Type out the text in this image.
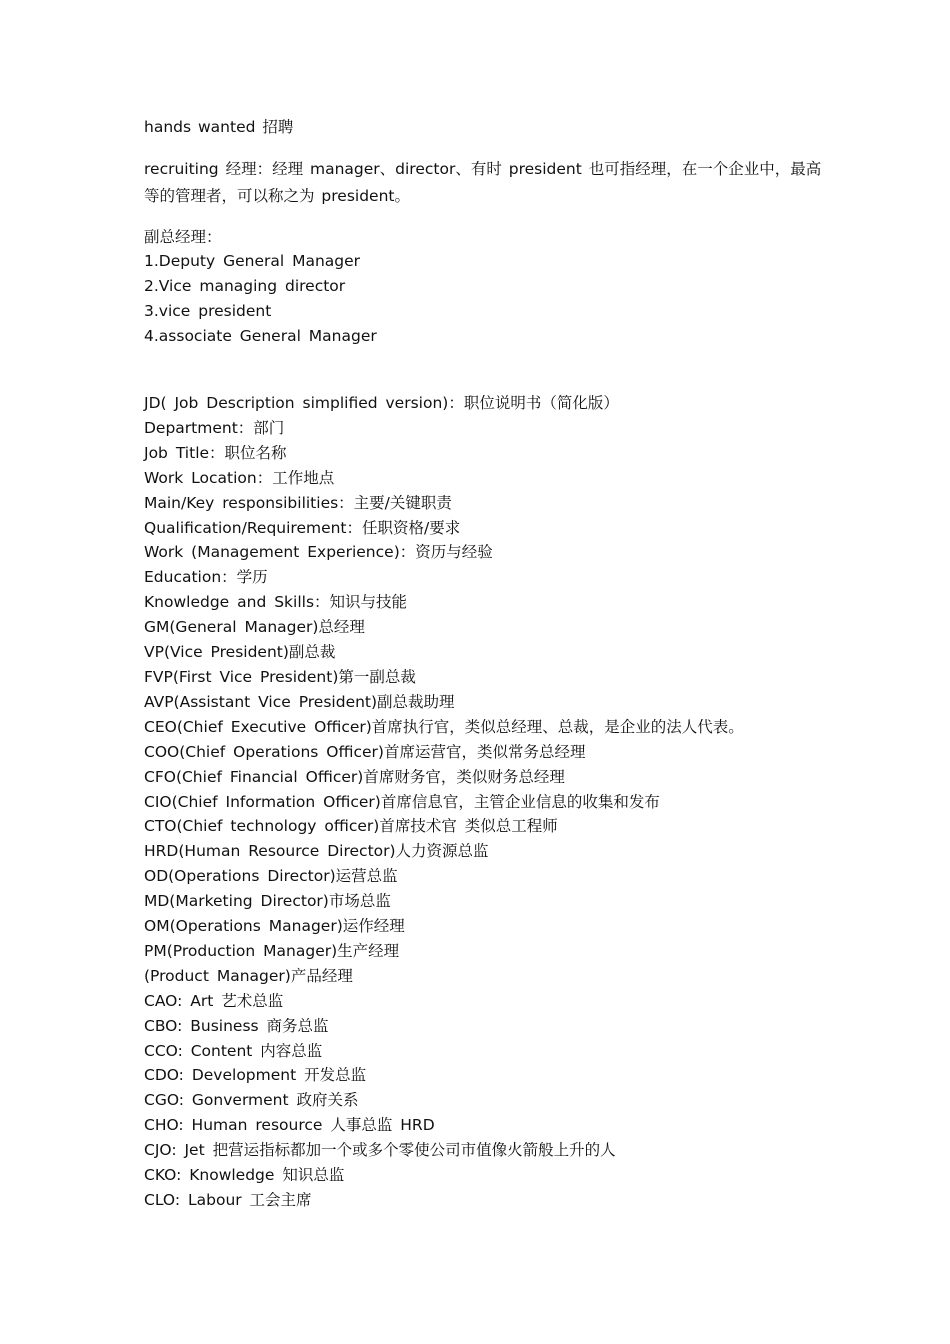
hands wanted 招聘

recruiting 经理：经理 manager、director、有时 president 也可指经理，在一个企业中，最高等的管理者，可以称之为 president。

副总经理：

1.Deputy General Manager
2.Vice managing director
3.vice president
4.associate General Manager
JD( Job Description simplified version)：职位说明书（简化版）
Department：部门
Job Title：职位名称
Work Location：工作地点
Main/Key responsibilities：主要/关键职责
Qualification/Requirement：任职资格/要求
Work (Management Experience)：资历与经验
Education：学历
Knowledge and Skills：知识与技能
GM(General Manager)总经理
VP(Vice President)副总裁
FVP(First Vice President)第一副总裁
AVP(Assistant Vice President)副总裁助理
CEO(Chief Executive Officer)首席执行官，类似总经理、总裁，是企业的法人代表。
COO(Chief Operations Officer)首席运营官，类似常务总经理
CFO(Chief Financial Officer)首席财务官，类似财务总经理
CIO(Chief Information Officer)首席信息官，主管企业信息的收集和发布
CTO(Chief technology officer)首席技术官 类似总工程师
HRD(Human Resource Director)人力资源总监
OD(Operations Director)运营总监
MD(Marketing Director)市场总监
OM(Operations Manager)运作经理
PM(Production Manager)生产经理
(Product Manager)产品经理
CAO: Art 艺术总监
CBO: Business 商务总监
CCO: Content 内容总监
CDO: Development 开发总监
CGO: Gonverment 政府关系
CHO: Human resource 人事总监 HRD
CJO: Jet 把营运指标都加一个或多个零使公司市值像火箭般上升的人
CKO: Knowledge 知识总监
CLO: Labour 工会主席
